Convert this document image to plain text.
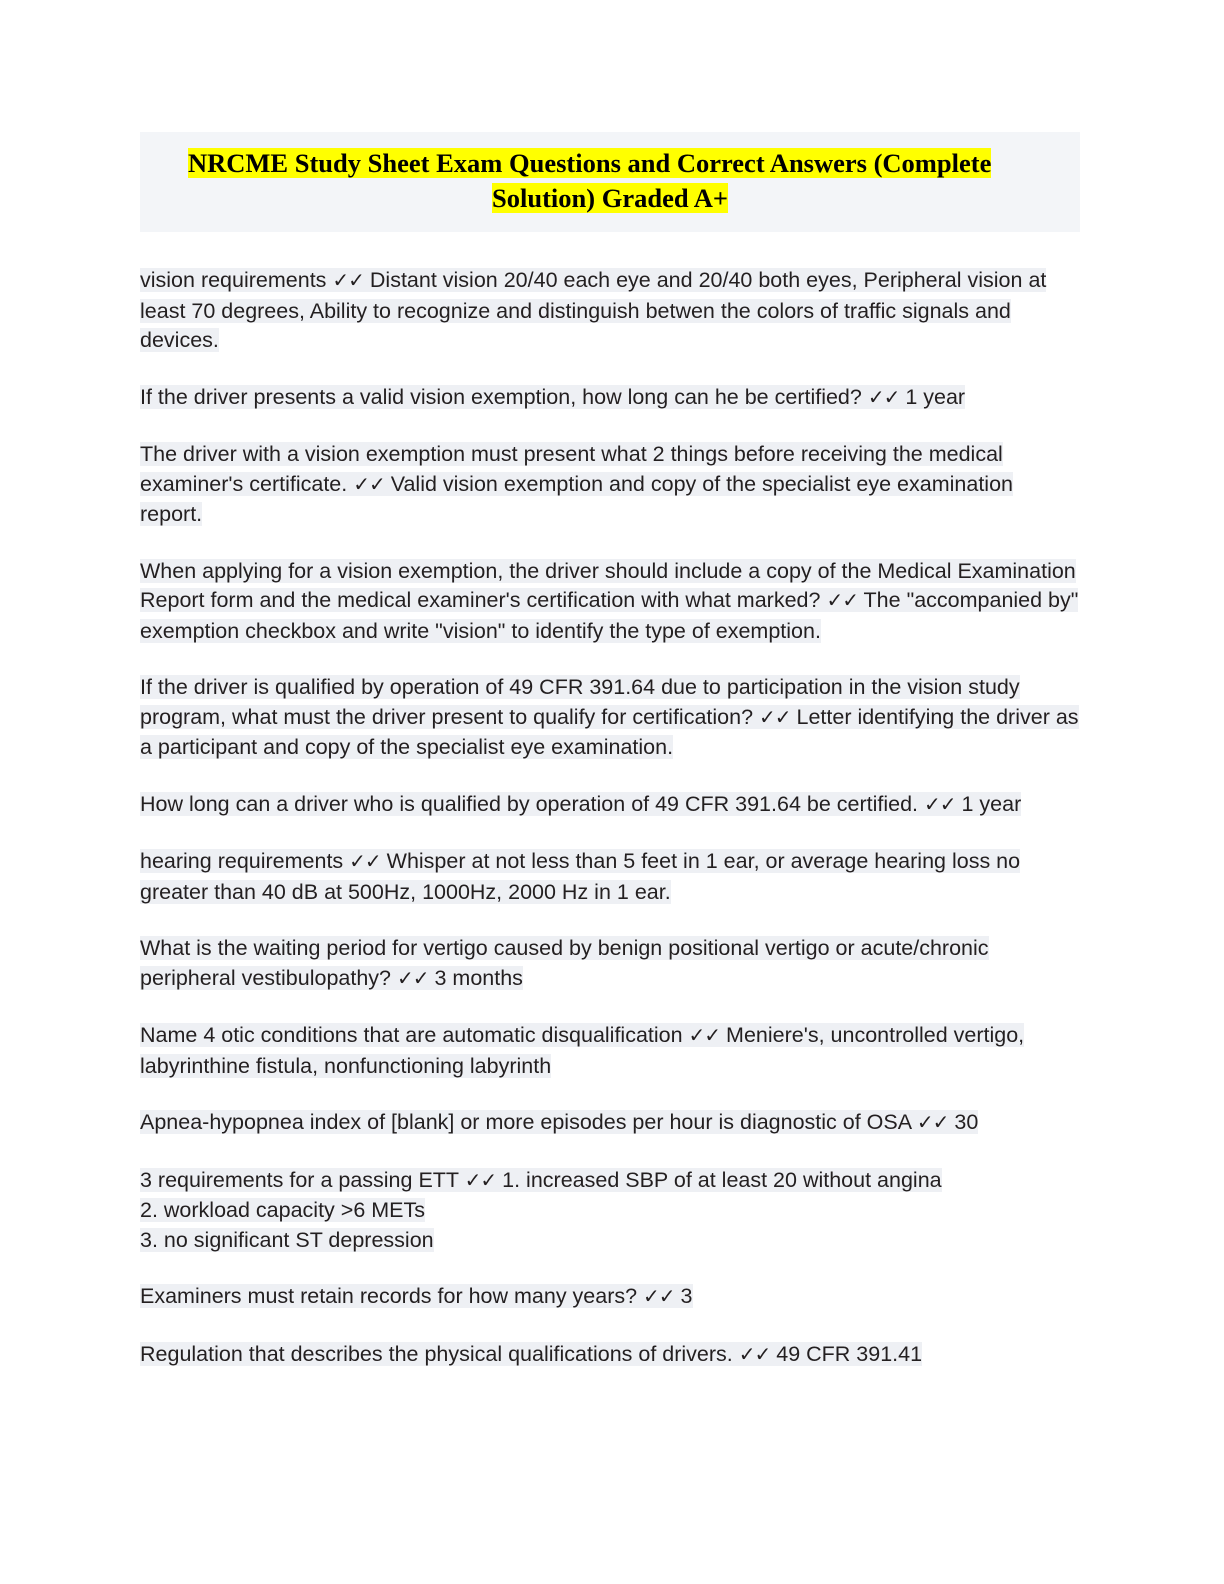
NRCME Study Sheet Exam Questions and Correct Answers (Complete
Solution) Graded A+

vision requirements ✓✓ Distant vision 20/40 each eye and 20/40 both eyes, Peripheral vision at least 70 degrees, Ability to recognize and distinguish betwen the colors of traffic signals and devices.

If the driver presents a valid vision exemption, how long can he be certified? ✓✓ 1 year

The driver with a vision exemption must present what 2 things before receiving the medical examiner's certificate. ✓✓ Valid vision exemption and copy of the specialist eye examination report.

When applying for a vision exemption, the driver should include a copy of the Medical Examination Report form and the medical examiner's certification with what marked? ✓✓ The "accompanied by" exemption checkbox and write "vision" to identify the type of exemption.

If the driver is qualified by operation of 49 CFR 391.64 due to participation in the vision study program, what must the driver present to qualify for certification? ✓✓ Letter identifying the driver as a participant and copy of the specialist eye examination.

How long can a driver who is qualified by operation of 49 CFR 391.64 be certified. ✓✓ 1 year

hearing requirements ✓✓ Whisper at not less than 5 feet in 1 ear, or average hearing loss no greater than 40 dB at 500Hz, 1000Hz, 2000 Hz in 1 ear.

What is the waiting period for vertigo caused by benign positional vertigo or acute/chronic peripheral vestibulopathy? ✓✓ 3 months

Name 4 otic conditions that are automatic disqualification ✓✓ Meniere's, uncontrolled vertigo, labyrinthine fistula, nonfunctioning labyrinth

Apnea-hypopnea index of [blank] or more episodes per hour is diagnostic of OSA ✓✓ 30

3 requirements for a passing ETT ✓✓ 1. increased SBP of at least 20 without angina
2. workload capacity >6 METs
3. no significant ST depression

Examiners must retain records for how many years? ✓✓ 3

Regulation that describes the physical qualifications of drivers. ✓✓ 49 CFR 391.41
